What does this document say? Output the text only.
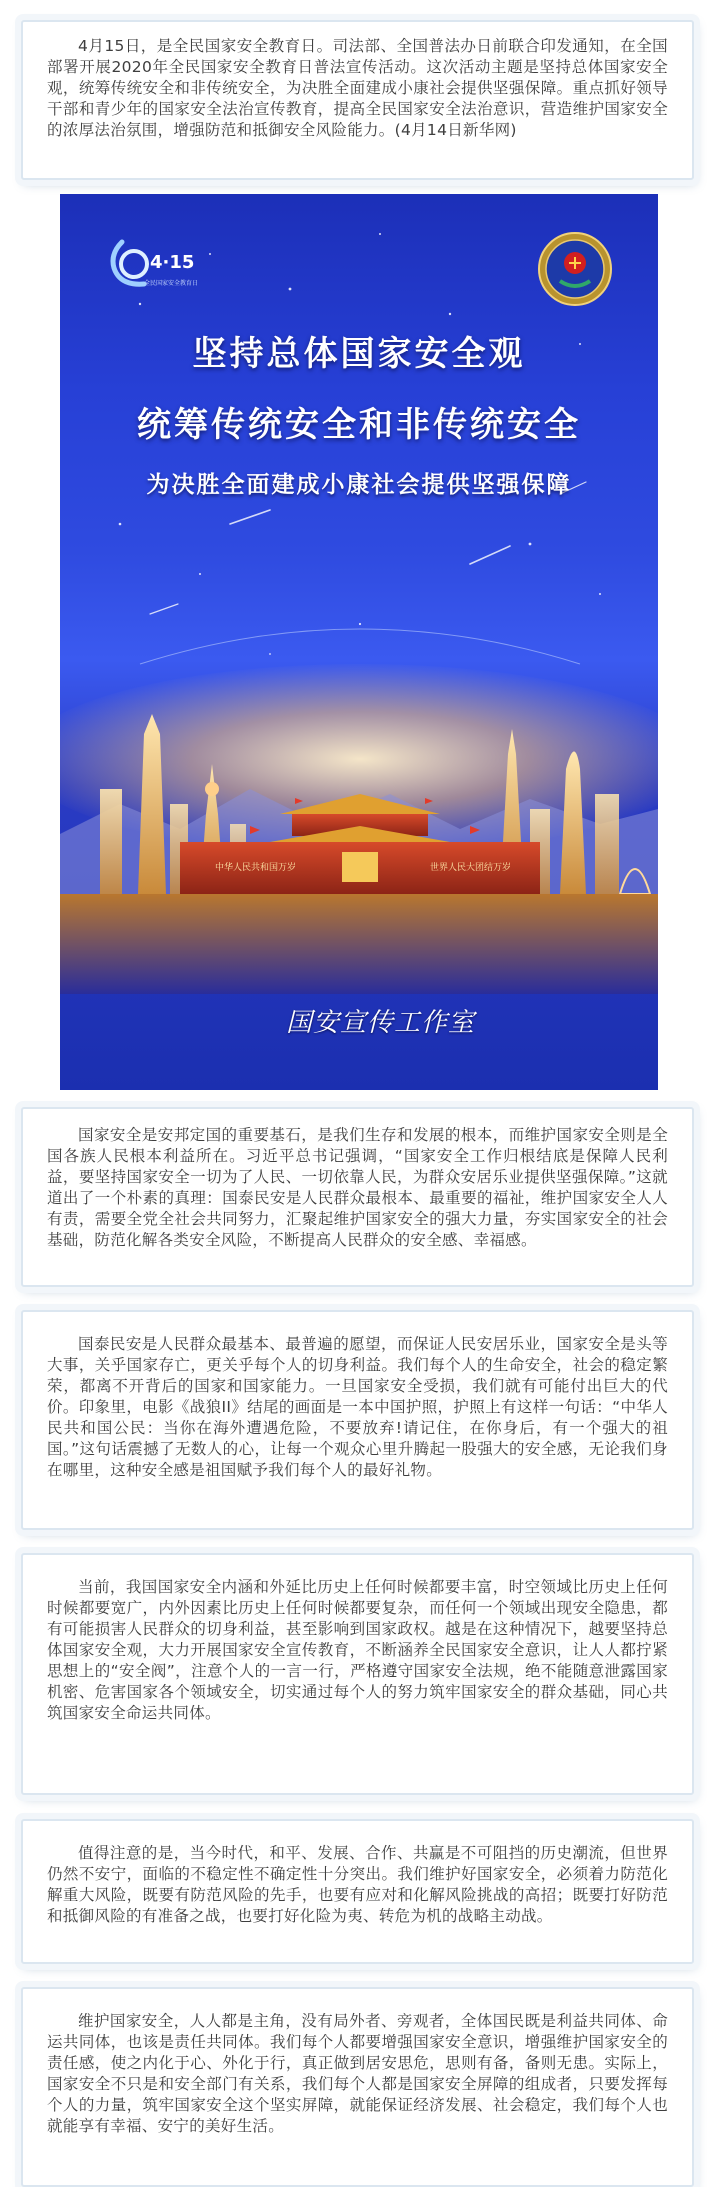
4月15日，是全民国家安全教育日。司法部、全国普法办日前联合印发通知，在全国部署开展2020年全民国家安全教育日普法宣传活动。这次活动主题是坚持总体国家安全观，统筹传统安全和非传统安全，为决胜全面建成小康社会提供坚强保障。重点抓好领导干部和青少年的国家安全法治宣传教育，提高全民国家安全法治意识，营造维护国家安全的浓厚法治氛围，增强防范和抵御安全风险能力。(4月14日新华网)
4·15
全民国家安全教育日
坚持总体国家安全观
统筹传统安全和非传统安全
为决胜全面建成小康社会提供坚强保障
中华人民共和国万岁	世界人民大团结万岁
国安宣传工作室
国家安全是安邦定国的重要基石，是我们生存和发展的根本，而维护国家安全则是全国各族人民根本利益所在。习近平总书记强调，“国家安全工作归根结底是保障人民利益，要坚持国家安全一切为了人民、一切依靠人民，为群众安居乐业提供坚强保障。”这就道出了一个朴素的真理：国泰民安是人民群众最根本、最重要的福祉，维护国家安全人人有责，需要全党全社会共同努力，汇聚起维护国家安全的强大力量，夯实国家安全的社会基础，防范化解各类安全风险，不断提高人民群众的安全感、幸福感。
国泰民安是人民群众最基本、最普遍的愿望，而保证人民安居乐业，国家安全是头等大事，关乎国家存亡，更关乎每个人的切身利益。我们每个人的生命安全，社会的稳定繁荣，都离不开背后的国家和国家能力。一旦国家安全受损，我们就有可能付出巨大的代价。印象里，电影《战狼II》结尾的画面是一本中国护照，护照上有这样一句话：“中华人民共和国公民：当你在海外遭遇危险，不要放弃!请记住，在你身后，有一个强大的祖国。”这句话震撼了无数人的心，让每一个观众心里升腾起一股强大的安全感，无论我们身在哪里，这种安全感是祖国赋予我们每个人的最好礼物。
当前，我国国家安全内涵和外延比历史上任何时候都要丰富，时空领域比历史上任何时候都要宽广，内外因素比历史上任何时候都要复杂，而任何一个领域出现安全隐患，都有可能损害人民群众的切身利益，甚至影响到国家政权。越是在这种情况下，越要坚持总体国家安全观，大力开展国家安全宣传教育，不断涵养全民国家安全意识，让人人都拧紧思想上的“安全阀”，注意个人的一言一行，严格遵守国家安全法规，绝不能随意泄露国家机密、危害国家各个领域安全，切实通过每个人的努力筑牢国家安全的群众基础，同心共筑国家安全命运共同体。
值得注意的是，当今时代，和平、发展、合作、共赢是不可阻挡的历史潮流，但世界仍然不安宁，面临的不稳定性不确定性十分突出。我们维护好国家安全，必须着力防范化解重大风险，既要有防范风险的先手，也要有应对和化解风险挑战的高招；既要打好防范和抵御风险的有准备之战，也要打好化险为夷、转危为机的战略主动战。
维护国家安全，人人都是主角，没有局外者、旁观者，全体国民既是利益共同体、命运共同体，也该是责任共同体。我们每个人都要增强国家安全意识，增强维护国家安全的责任感，使之内化于心、外化于行，真正做到居安思危，思则有备，备则无患。实际上，国家安全不只是和安全部门有关系，我们每个人都是国家安全屏障的组成者，只要发挥每个人的力量，筑牢国家安全这个坚实屏障，就能保证经济发展、社会稳定，我们每个人也就能享有幸福、安宁的美好生活。
